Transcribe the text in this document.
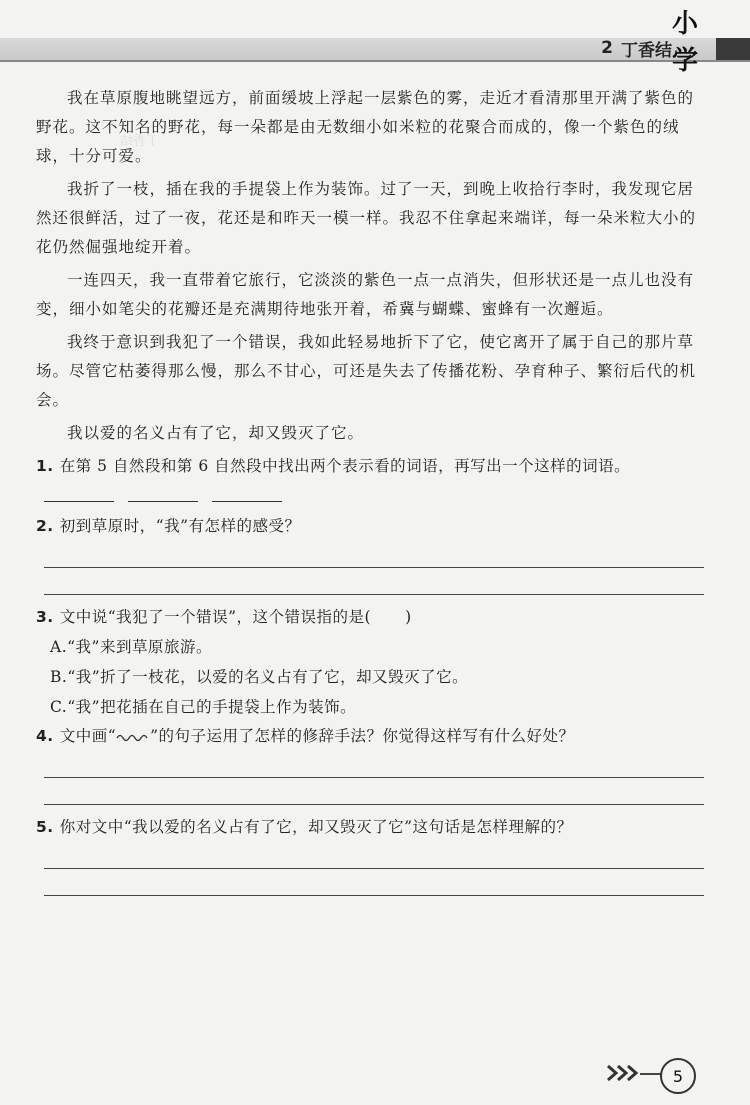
丁香结
2 丁香结
小学

我在草原腹地眺望远方，前面缓坡上浮起一层紫色的雾，走近才看清那里开满了紫色的野花。这不知名的野花，每一朵都是由无数细小如米粒的花聚合而成的，像一个紫色的绒球，十分可爱。

我折了一枝，插在我的手提袋上作为装饰。过了一天，到晚上收拾行李时，我发现它居然还很鲜活，过了一夜，花还是和昨天一模一样。我忍不住拿起来端详，每一朵米粒大小的花仍然倔强地绽开着。

一连四天，我一直带着它旅行，它淡淡的紫色一点一点消失，但形状还是一点儿也没有变，细小如笔尖的花瓣还是充满期待地张开着，希冀与蝴蝶、蜜蜂有一次邂逅。

我终于意识到我犯了一个错误，我如此轻易地折下了它，使它离开了属于自己的那片草场。尽管它枯萎得那么慢，那么不甘心，可还是失去了传播花粉、孕育种子、繁衍后代的机会。

我以爱的名义占有了它，却又毁灭了它。

1. 在第 5 自然段和第 6 自然段中找出两个表示看的词语，再写出一个这样的词语。

2. 初到草原时，“我”有怎样的感受？

3. 文中说“我犯了一个错误”，这个错误指的是( )

A.“我”来到草原旅游。

B.“我”折了一枝花，以爱的名义占有了它，却又毁灭了它。

C.“我”把花插在自己的手提袋上作为装饰。

4. 文中画“ ”的句子运用了怎样的修辞手法？你觉得这样写有什么好处？

5. 你对文中“我以爱的名义占有了它，却又毁灭了它”这句话是怎样理解的？

5
